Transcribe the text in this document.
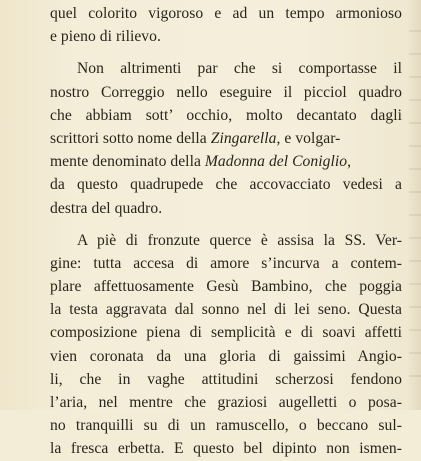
quel colorito vigoroso e ad un tempo armonioso
e pieno di rilievo.
Non altrimenti par che si comportasse il
nostro Correggio nello eseguire il picciol quadro
che abbiam sott’ occhio, molto decantato dagli
scrittori sotto nome della Zingarella, e volgar-
mente denominato della Madonna del Coniglio,
da questo quadrupede che accovacciato vedesi a
destra del quadro.
A piè di fronzute querce è assisa la SS. Ver-
gine: tutta accesa di amore s’incurva a contem-
plare affettuosamente Gesù Bambino, che poggia
la testa aggravata dal sonno nel di lei seno. Questa
composizione piena di semplicità e di soavi affetti
vien coronata da una gloria di gaissimi Angio-
li, che in vaghe attitudini scherzosi fendono
l’aria, nel mentre che graziosi augelletti o posa-
no tranquilli su di un ramuscello, o beccano sul-
la fresca erbetta. E questo bel dipinto non ismen-
